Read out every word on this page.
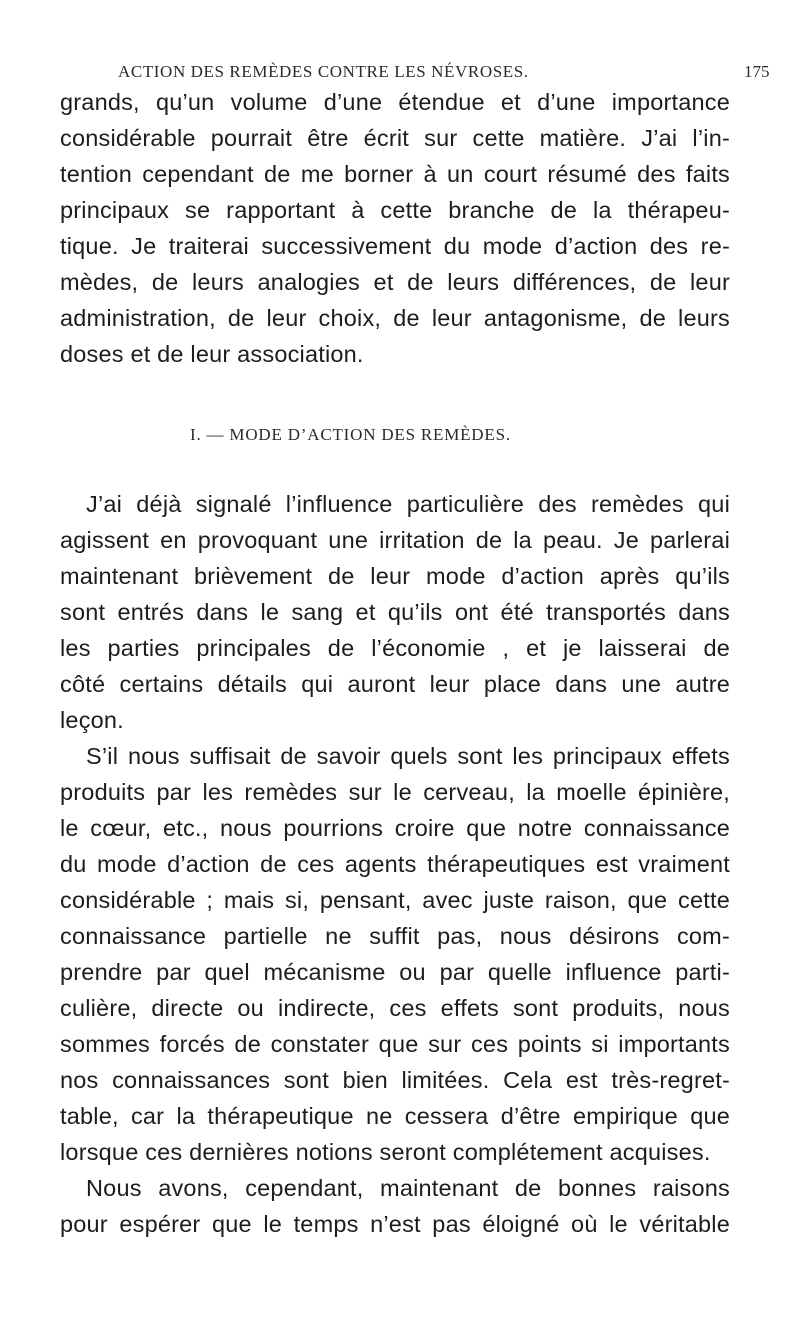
ACTION DES REMÈDES CONTRE LES NÉVROSES.	175
grands, qu’un volume d’une étendue et d’une importance
considérable pourrait être écrit sur cette matière. J’ai l’in-
tention cependant de me borner à un court résumé des faits
principaux se rapportant à cette branche de la thérapeu-
tique. Je traiterai successivement du mode d’action des re-
mèdes, de leurs analogies et de leurs différences, de leur
administration, de leur choix, de leur antagonisme, de leurs
doses et de leur association.
I. — MODE D’ACTION DES REMÈDES.
J’ai déjà signalé l’influence particulière des remèdes qui
agissent en provoquant une irritation de la peau. Je parlerai
maintenant brièvement de leur mode d’action après qu’ils
sont entrés dans le sang et qu’ils ont été transportés dans
les parties principales de l’économie , et je laisserai de
côté certains détails qui auront leur place dans une autre
leçon.
S’il nous suffisait de savoir quels sont les principaux effets
produits par les remèdes sur le cerveau, la moelle épinière,
le cœur, etc., nous pourrions croire que notre connaissance
du mode d’action de ces agents thérapeutiques est vraiment
considérable ; mais si, pensant, avec juste raison, que cette
connaissance partielle ne suffit pas, nous désirons com-
prendre par quel mécanisme ou par quelle influence parti-
culière, directe ou indirecte, ces effets sont produits, nous
sommes forcés de constater que sur ces points si importants
nos connaissances sont bien limitées. Cela est très-regret-
table, car la thérapeutique ne cessera d’être empirique que
lorsque ces dernières notions seront complétement acquises.
Nous avons, cependant, maintenant de bonnes raisons
pour espérer que le temps n’est pas éloigné où le véritable
